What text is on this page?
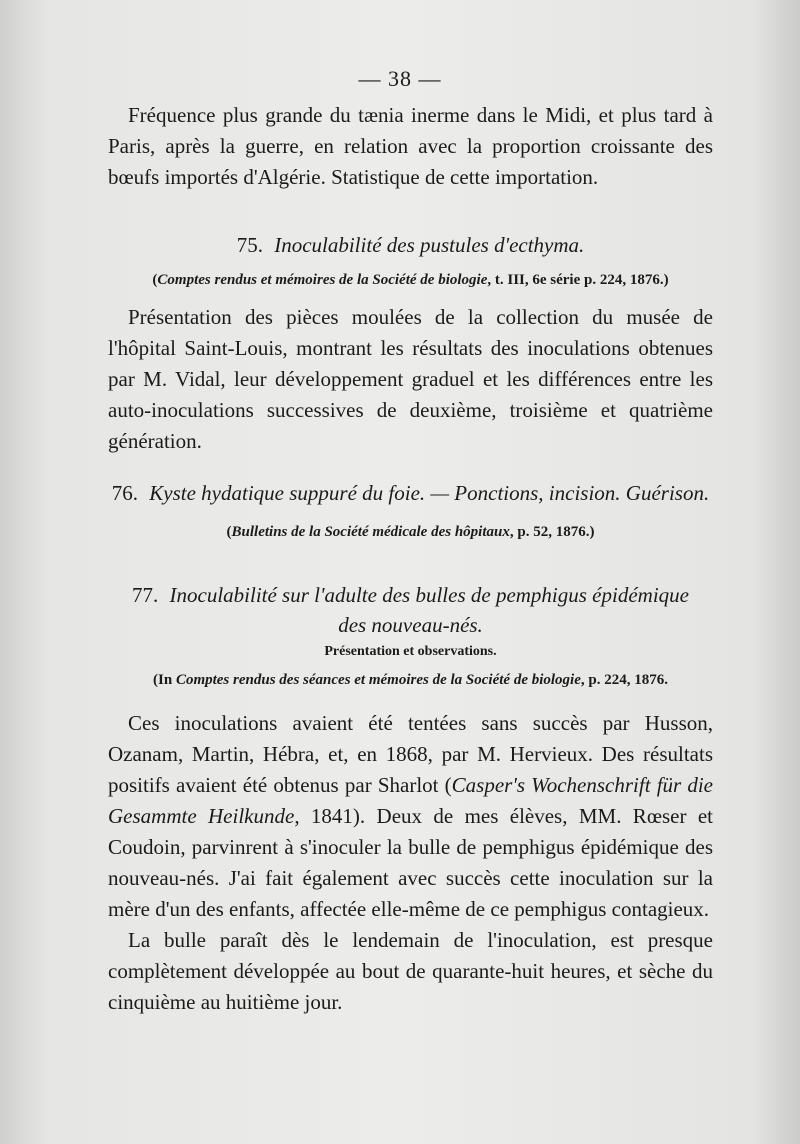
— 38 —

Fréquence plus grande du tænia inerme dans le Midi, et plus tard à Paris, après la guerre, en relation avec la proportion croissante des bœufs importés d'Algérie. Statistique de cette importation.

75. Inoculabilité des pustules d'ecthyma.

(Comptes rendus et mémoires de la Société de biologie, t. III, 6e série p. 224, 1876.)

Présentation des pièces moulées de la collection du musée de l'hôpital Saint-Louis, montrant les résultats des inoculations obtenues par M. Vidal, leur développement graduel et les différences entre les auto-inoculations successives de deuxième, troisième et quatrième génération.

76. Kyste hydatique suppuré du foie. — Ponctions, incision. Guérison.

(Bulletins de la Société médicale des hôpitaux, p. 52, 1876.)

77. Inoculabilité sur l'adulte des bulles de pemphigus épidémique

des nouveau-nés.

Présentation et observations.

(In Comptes rendus des séances et mémoires de la Société de biologie, p. 224, 1876.

Ces inoculations avaient été tentées sans succès par Husson, Ozanam, Martin, Hébra, et, en 1868, par M. Hervieux. Des résultats positifs avaient été obtenus par Sharlot (Casper's Wochenschrift für die Gesammte Heilkunde, 1841). Deux de mes élèves, MM. Rœser et Coudoin, parvinrent à s'inoculer la bulle de pemphigus épidémique des nouveau-nés. J'ai fait également avec succès cette inoculation sur la mère d'un des enfants, affectée elle-même de ce pemphigus contagieux.

La bulle paraît dès le lendemain de l'inoculation, est presque complètement développée au bout de quarante-huit heures, et sèche du cinquième au huitième jour.
